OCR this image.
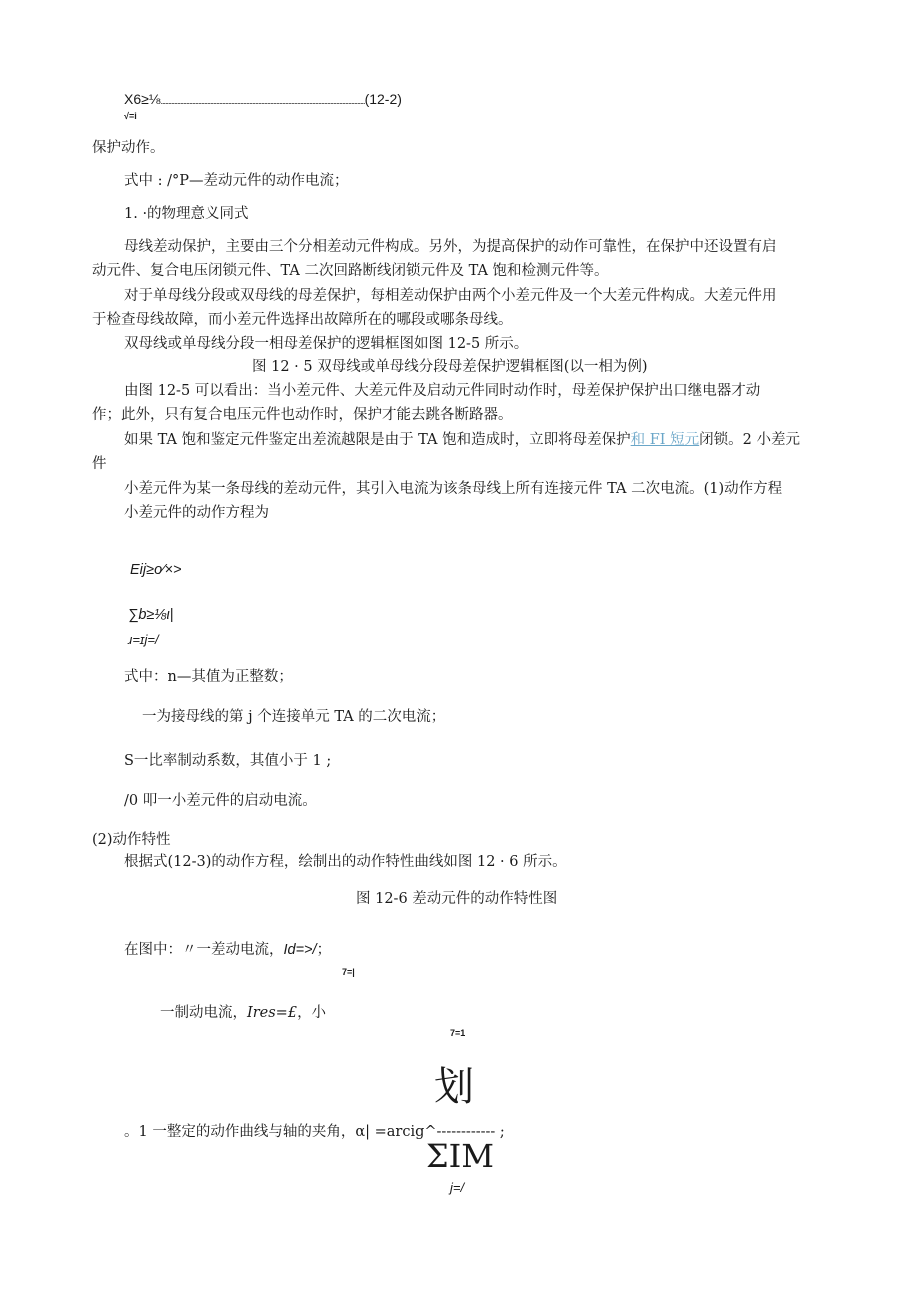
X6≥⅛........................................................................................................................................(12-2)
√=i
保护动作。
式中 : /°P—差动元件的动作电流；
1. ·的物理意义同式
母线差动保护，主要由三个分相差动元件构成。另外，为提高保护的动作可靠性，在保护中还设置有启
动元件、复合电压闭锁元件、TA 二次回路断线闭锁元件及 TA 饱和检测元件等。
对于单母线分段或双母线的母差保护，每相差动保护由两个小差元件及一个大差元件构成。大差元件用
于检查母线故障，而小差元件选择出故障所在的哪段或哪条母线。
双母线或单母线分段一相母差保护的逻辑框图如图 12-5 所示。
图 12 · 5 双母线或单母线分段母差保护逻辑框图(以一相为例)
由图 12-5 可以看出：当小差元件、大差元件及启动元件同时动作时，母差保护保护出口继电器才动
作；此外，只有复合电压元件也动作时，保护才能去跳各断路器。
如果 TA 饱和鉴定元件鉴定出差流越限是由于 TA 饱和造成时，立即将母差保护和 FI 短元闭锁。2 小差元
件
小差元件为某一条母线的差动元件，其引入电流为该条母线上所有连接元件 TA 二次电流。(1)动作方程
小差元件的动作方程为
Eij≥o⁄×>
∑b≥⅛ι|
ɹ=ɪj=/
式中：n—其值为正整数；
一为接母线的第 j 个连接单元 TA 的二次电流；
S一比率制动系数，其值小于 1 ;
/0 叩一小差元件的启动电流。
(2)动作特性
根据式(12-3)的动作方程，绘制出的动作特性曲线如图 12 · 6 所示。
图 12-6 差动元件的动作特性图
在图中：〃一差动电流，Id=>/；
7=|
一制动电流，Ires=£，小
7=1
划
。1 一整定的动作曲线与轴的夹角，α| =arcig^------------ ;
ΣIM
j=/
